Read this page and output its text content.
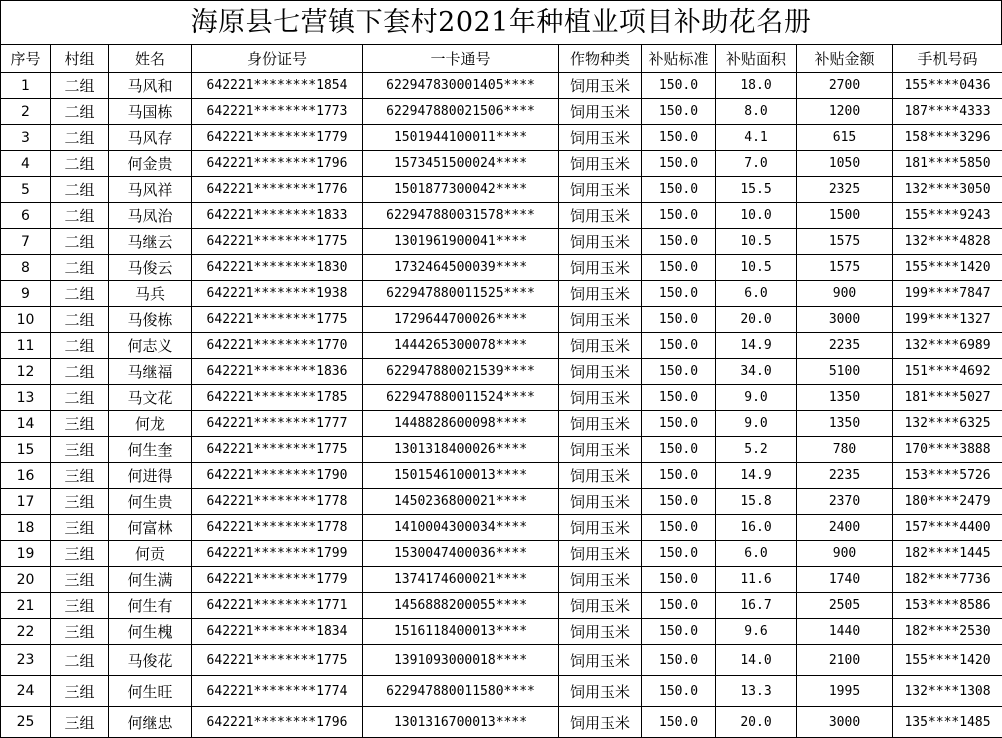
海原县七营镇下套村2021年种植业项目补助花名册
序号	村组	姓名	身份证号	一卡通号	作物种类	补贴标准	补贴面积	补贴金额	手机号码
1	二组	马风和	642221********1854	622947830001405****	饲用玉米	150.0	18.0	2700	155****0436
2	二组	马国栋	642221********1773	622947880021506****	饲用玉米	150.0	8.0	1200	187****4333
3	二组	马风存	642221********1779	1501944100011****	饲用玉米	150.0	4.1	615	158****3296
4	二组	何金贵	642221********1796	1573451500024****	饲用玉米	150.0	7.0	1050	181****5850
5	二组	马风祥	642221********1776	1501877300042****	饲用玉米	150.0	15.5	2325	132****3050
6	二组	马凤治	642221********1833	622947880031578****	饲用玉米	150.0	10.0	1500	155****9243
7	二组	马继云	642221********1775	1301961900041****	饲用玉米	150.0	10.5	1575	132****4828
8	二组	马俊云	642221********1830	1732464500039****	饲用玉米	150.0	10.5	1575	155****1420
9	二组	马兵	642221********1938	622947880011525****	饲用玉米	150.0	6.0	900	199****7847
10	二组	马俊栋	642221********1775	1729644700026****	饲用玉米	150.0	20.0	3000	199****1327
11	二组	何志义	642221********1770	1444265300078****	饲用玉米	150.0	14.9	2235	132****6989
12	二组	马继福	642221********1836	622947880021539****	饲用玉米	150.0	34.0	5100	151****4692
13	二组	马文花	642221********1785	622947880011524****	饲用玉米	150.0	9.0	1350	181****5027
14	三组	何龙	642221********1777	1448828600098****	饲用玉米	150.0	9.0	1350	132****6325
15	三组	何生奎	642221********1775	1301318400026****	饲用玉米	150.0	5.2	780	170****3888
16	三组	何进得	642221********1790	1501546100013****	饲用玉米	150.0	14.9	2235	153****5726
17	三组	何生贵	642221********1778	1450236800021****	饲用玉米	150.0	15.8	2370	180****2479
18	三组	何富林	642221********1778	1410004300034****	饲用玉米	150.0	16.0	2400	157****4400
19	三组	何贡	642221********1799	1530047400036****	饲用玉米	150.0	6.0	900	182****1445
20	三组	何生满	642221********1779	1374174600021****	饲用玉米	150.0	11.6	1740	182****7736
21	三组	何生有	642221********1771	1456888200055****	饲用玉米	150.0	16.7	2505	153****8586
22	三组	何生槐	642221********1834	1516118400013****	饲用玉米	150.0	9.6	1440	182****2530
23	二组	马俊花	642221********1775	1391093000018****	饲用玉米	150.0	14.0	2100	155****1420
24	三组	何生旺	642221********1774	622947880011580****	饲用玉米	150.0	13.3	1995	132****1308
25	三组	何继忠	642221********1796	1301316700013****	饲用玉米	150.0	20.0	3000	135****1485
